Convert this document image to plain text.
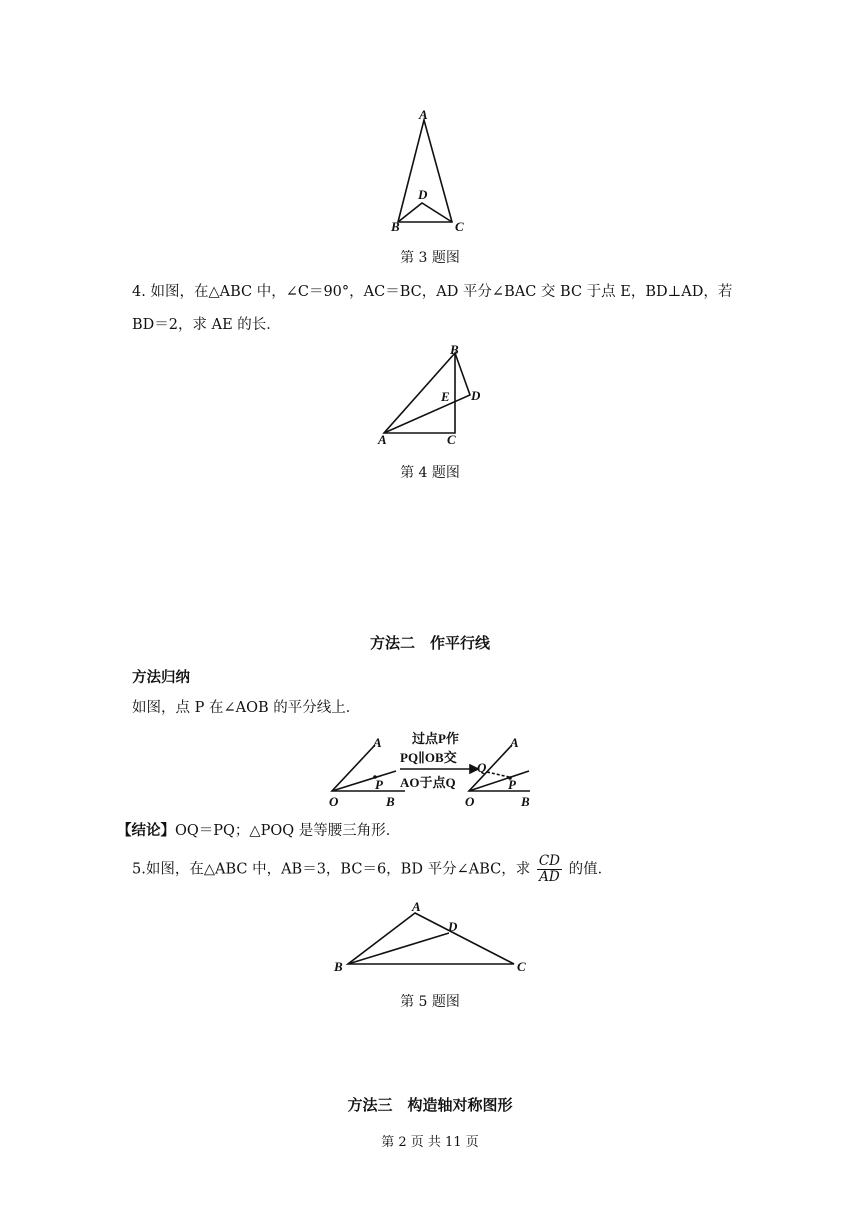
A
B	C
D
第 3 题图
4. 如图，在△ABC 中，∠C＝90°，AC＝BC，AD 平分∠BAC 交 BC 于点 E，BD⊥AD，若
BD＝2，求 AE 的长．
A
B
C
D
E
第 4 题图
方法二　作平行线
方法归纳
如图，点 P 在∠AOB 的平分线上．
A
O
P
B
过点P作
PQ∥OB交
AO于点Q
A
Q
O
P
B
【结论】OQ＝PQ；△POQ 是等腰三角形．
5.如图，在△ABC 中，AB＝3，BC＝6，BD 平分∠ABC，求 $\frac{CD}{AD}$ 的值．
A
B	C
D
第 5 题图
方法三　构造轴对称图形
第 2 页 共 11 页
